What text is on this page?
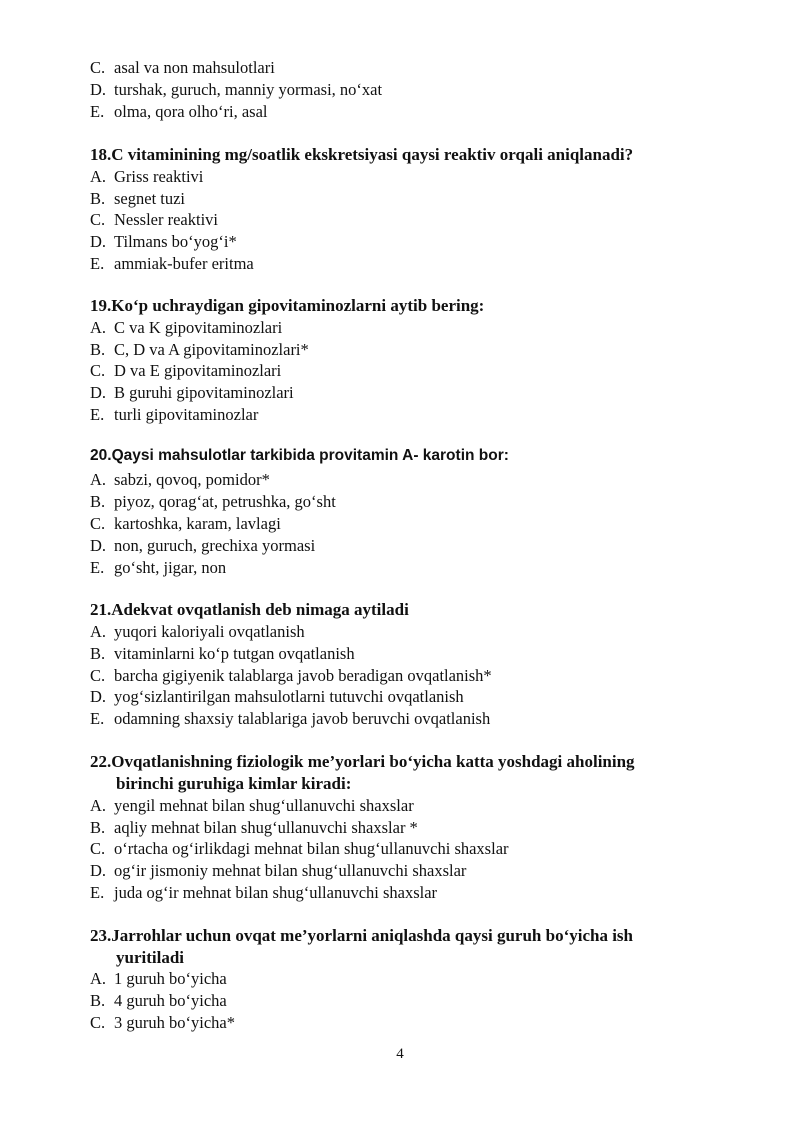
C. asal va non mahsulotlari
D. turshak, guruch, manniy yormasi, no‘xat
E. olma, qora olho‘ri, asal
18.C vitaminining mg/soatlik ekskretsiyasi qaysi reaktiv orqali aniqlanadi?
A. Griss reaktivi
B. segnet tuzi
C. Nessler reaktivi
D. Tilmans bo‘yog‘i*
E. ammiak-bufer eritma
19.Ko‘p uchraydigan gipovitaminozlarni aytib bering:
A. C va K gipovitaminozlari
B. C, D va A gipovitaminozlari*
C. D va E gipovitaminozlari
D. B guruhi gipovitaminozlari
E. turli gipovitaminozlar
20.Qaysi mahsulotlar tarkibida provitamin A- karotin bor:
A. sabzi, qovoq, pomidor*
B. piyoz, qorag‘at, petrushka, go‘sht
C. kartoshka, karam, lavlagi
D. non, guruch, grechixa yormasi
E. go‘sht, jigar, non
21.Adekvat ovqatlanish deb nimaga aytiladi
A. yuqori kaloriyali ovqatlanish
B. vitaminlarni ko‘p tutgan ovqatlanish
C. barcha gigiyenik talablarga javob beradigan ovqatlanish*
D. yog‘sizlantirilgan mahsulotlarni tutuvchi ovqatlanish
E. odamning shaxsiy talablariga javob beruvchi ovqatlanish
22.Ovqatlanishning fiziologik me’yorlari bo‘yicha katta yoshdagi aholining
birinchi guruhiga kimlar kiradi:
A. yengil mehnat bilan shug‘ullanuvchi shaxslar
B. aqliy mehnat bilan shug‘ullanuvchi shaxslar *
C. o‘rtacha og‘irlikdagi mehnat bilan shug‘ullanuvchi shaxslar
D. og‘ir jismoniy mehnat bilan shug‘ullanuvchi shaxslar
E. juda og‘ir mehnat bilan shug‘ullanuvchi shaxslar
23.Jarrohlar uchun ovqat me’yorlarni aniqlashda qaysi guruh bo‘yicha ish
yuritiladi
A. 1 guruh bo‘yicha
B. 4 guruh bo‘yicha
C. 3 guruh bo‘yicha*
4
